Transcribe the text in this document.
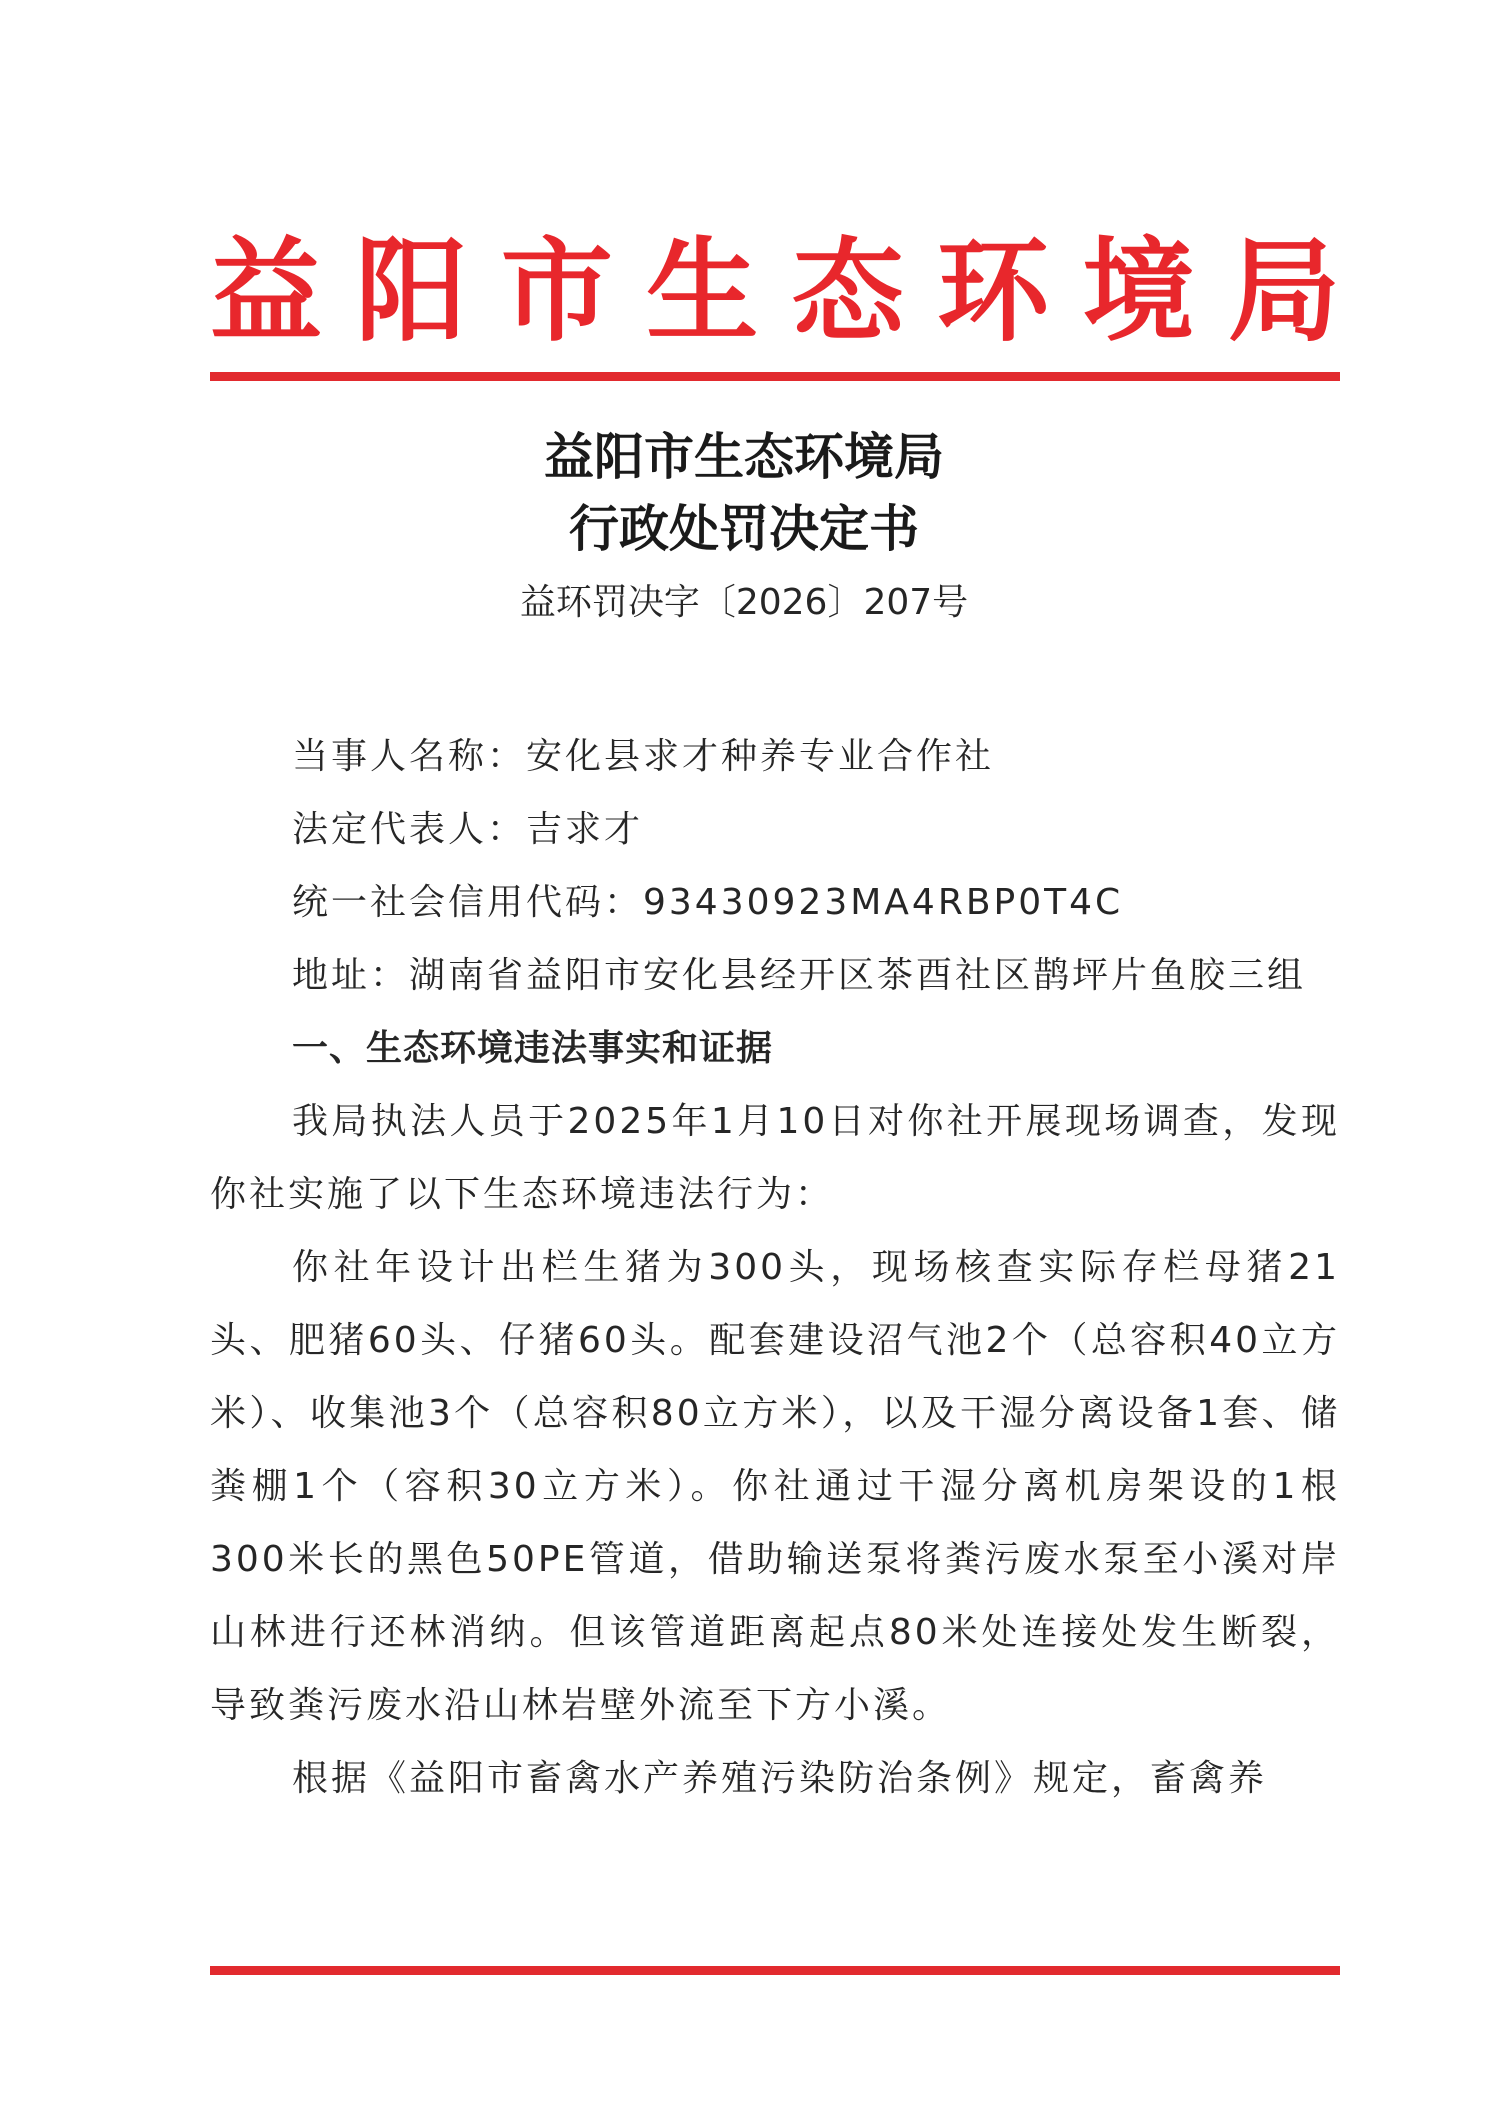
益 阳 市 生 态 环 境 局
益阳市生态环境局
行政处罚决定书
益环罚决字〔2026〕207号

当事人名称：安化县求才种养专业合作社

法定代表人：吉求才

统一社会信用代码：93430923MA4RBP0T4C

地址：湖南省益阳市安化县经开区茶酉社区鹊坪片鱼胶三组

一、生态环境违法事实和证据

我局执法人员于2025年1月10日对你社开展现场调查，发现你社实施了以下生态环境违法行为：

你社年设计出栏生猪为300头，现场核查实际存栏母猪21头、肥猪60头、仔猪60头。配套建设沼气池2个（总容积40立方米）、收集池3个（总容积80立方米），以及干湿分离设备1套、储粪棚1个（容积30立方米）。你社通过干湿分离机房架设的1根300米长的黑色50PE管道，借助输送泵将粪污废水泵至小溪对岸山林进行还林消纳。但该管道距离起点80米处连接处发生断裂，导致粪污废水沿山林岩壁外流至下方小溪。

根据《益阳市畜禽水产养殖污染防治条例》规定，畜禽养
